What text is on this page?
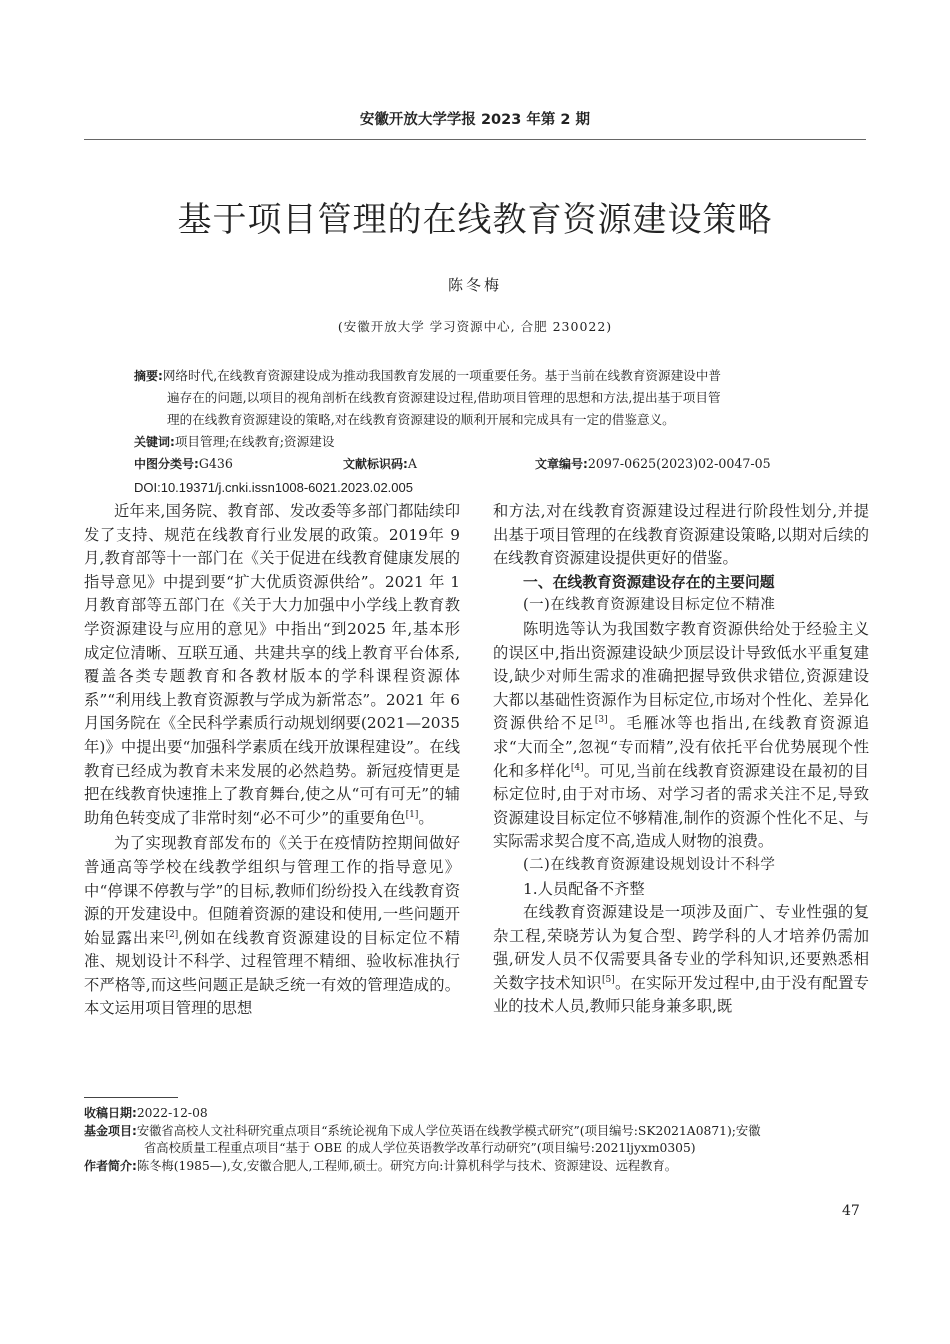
安徽开放大学学报 2023 年第 2 期
基于项目管理的在线教育资源建设策略
陈冬梅
(安徽开放大学 学习资源中心, 合肥 230022)
摘要:网络时代,在线教育资源建设成为推动我国教育发展的一项重要任务。基于当前在线教育资源建设中普
遍存在的问题,以项目的视角剖析在线教育资源建设过程,借助项目管理的思想和方法,提出基于项目管
理的在线教育资源建设的策略,对在线教育资源建设的顺利开展和完成具有一定的借鉴意义。
关键词:项目管理;在线教育;资源建设
中图分类号:G436	文献标识码:A	文章编号:2097-0625(2023)02-0047-05
DOI:10.19371/j.cnki.issn1008-6021.2023.02.005

近年来,国务院、教育部、发改委等多部门都陆续印发了支持、规范在线教育行业发展的政策。2019年 9 月,教育部等十一部门在《关于促进在线教育健康发展的指导意见》中提到要“扩大优质资源供给”。2021 年 1 月教育部等五部门在《关于大力加强中小学线上教育教学资源建设与应用的意见》中指出“到2025 年,基本形成定位清晰、互联互通、共建共享的线上教育平台体系,覆盖各类专题教育和各教材版本的学科课程资源体系”“利用线上教育资源教与学成为新常态”。2021 年 6 月国务院在《全民科学素质行动规划纲要(2021—2035 年)》中提出要“加强科学素质在线开放课程建设”。在线教育已经成为教育未来发展的必然趋势。新冠疫情更是把在线教育快速推上了教育舞台,使之从“可有可无”的辅助角色转变成了非常时刻“必不可少”的重要角色[1]。

为了实现教育部发布的《关于在疫情防控期间做好普通高等学校在线教学组织与管理工作的指导意见》中“停课不停教与学”的目标,教师们纷纷投入在线教育资源的开发建设中。但随着资源的建设和使用,一些问题开始显露出来[2],例如在线教育资源建设的目标定位不精准、规划设计不科学、过程管理不精细、验收标准执行不严格等,而这些问题正是缺乏统一有效的管理造成的。本文运用项目管理的思想

和方法,对在线教育资源建设过程进行阶段性划分,并提出基于项目管理的在线教育资源建设策略,以期对后续的在线教育资源建设提供更好的借鉴。

一、在线教育资源建设存在的主要问题

(一)在线教育资源建设目标定位不精准

陈明选等认为我国数字教育资源供给处于经验主义的误区中,指出资源建设缺少顶层设计导致低水平重复建设,缺少对师生需求的准确把握导致供求错位,资源建设大都以基础性资源作为目标定位,市场对个性化、差异化资源供给不足[3]。毛雁冰等也指出,在线教育资源追求“大而全”,忽视“专而精”,没有依托平台优势展现个性化和多样化[4]。可见,当前在线教育资源建设在最初的目标定位时,由于对市场、对学习者的需求关注不足,导致资源建设目标定位不够精准,制作的资源个性化不足、与实际需求契合度不高,造成人财物的浪费。

(二)在线教育资源建设规划设计不科学

1.人员配备不齐整

在线教育资源建设是一项涉及面广、专业性强的复杂工程,荣晓芳认为复合型、跨学科的人才培养仍需加强,研发人员不仅需要具备专业的学科知识,还要熟悉相关数字技术知识[5]。在实际开发过程中,由于没有配置专业的技术人员,教师只能身兼多职,既

收稿日期:2022-12-08
基金项目:安徽省高校人文社科研究重点项目“系统论视角下成人学位英语在线教学模式研究”(项目编号:SK2021A0871);安徽
省高校质量工程重点项目“基于 OBE 的成人学位英语教学改革行动研究”(项目编号:2021ljyxm0305)
作者简介:陈冬梅(1985—),女,安徽合肥人,工程师,硕士。研究方向:计算机科学与技术、资源建设、远程教育。
47
